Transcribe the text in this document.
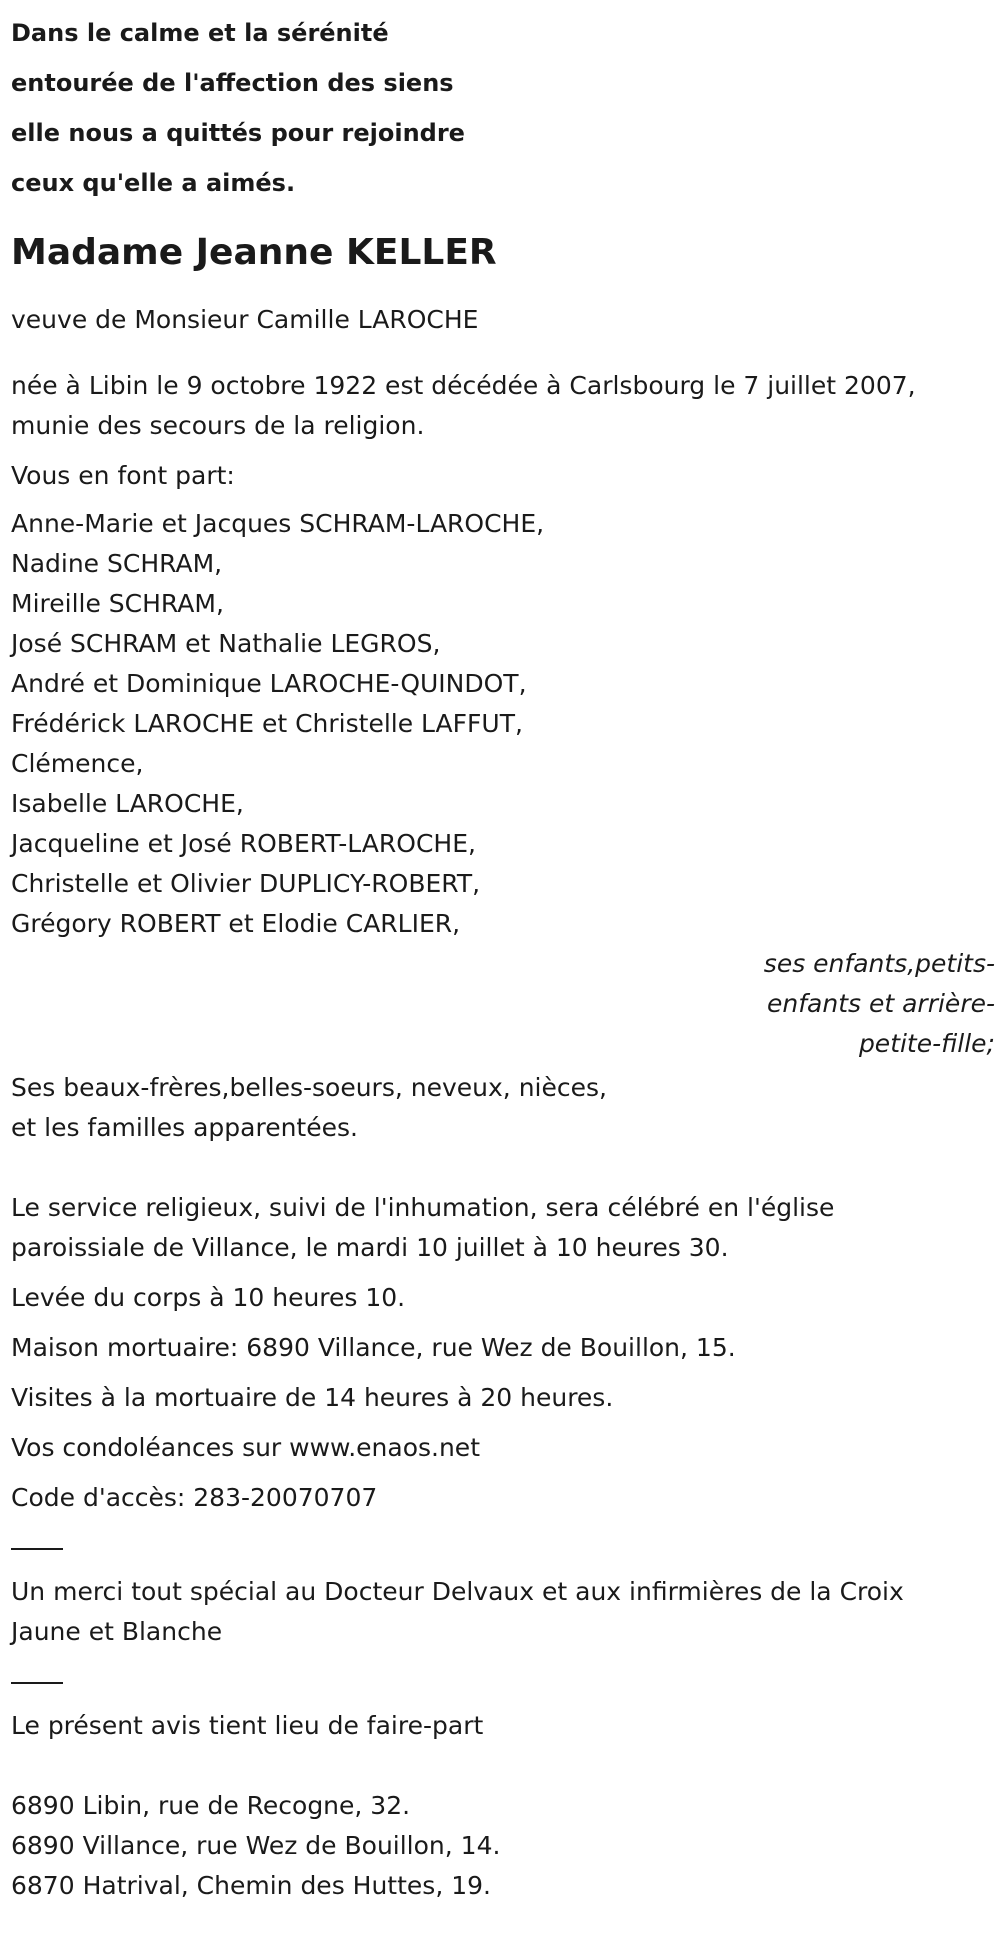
Dans le calme et la sérénité
entourée de l'affection des siens
elle nous a quittés pour rejoindre
ceux qu'elle a aimés.
Madame Jeanne KELLER
veuve de Monsieur Camille LAROCHE
née à Libin le 9 octobre 1922 est décédée à Carlsbourg le 7 juillet 2007,
munie des secours de la religion.
Vous en font part:
Anne-Marie et Jacques SCHRAM-LAROCHE,
Nadine SCHRAM,
Mireille SCHRAM,
José SCHRAM et Nathalie LEGROS,
André et Dominique LAROCHE-QUINDOT,
Frédérick LAROCHE et Christelle LAFFUT,
Clémence,
Isabelle LAROCHE,
Jacqueline et José ROBERT-LAROCHE,
Christelle et Olivier DUPLICY-ROBERT,
Grégory ROBERT et Elodie CARLIER,
ses enfants,petits-
enfants et arrière-
petite-fille;
Ses beaux-frères,belles-soeurs, neveux, nièces,
et les familles apparentées.
Le service religieux, suivi de l'inhumation, sera célébré en l'église
paroissiale de Villance, le mardi 10 juillet à 10 heures 30.
Levée du corps à 10 heures 10.
Maison mortuaire: 6890 Villance, rue Wez de Bouillon, 15.
Visites à la mortuaire de 14 heures à 20 heures.
Vos condoléances sur www.enaos.net
Code d'accès: 283-20070707
Un merci tout spécial au Docteur Delvaux et aux infirmières de la Croix
Jaune et Blanche
Le présent avis tient lieu de faire-part
6890 Libin, rue de Recogne, 32.
6890 Villance, rue Wez de Bouillon, 14.
6870 Hatrival, Chemin des Huttes, 19.
